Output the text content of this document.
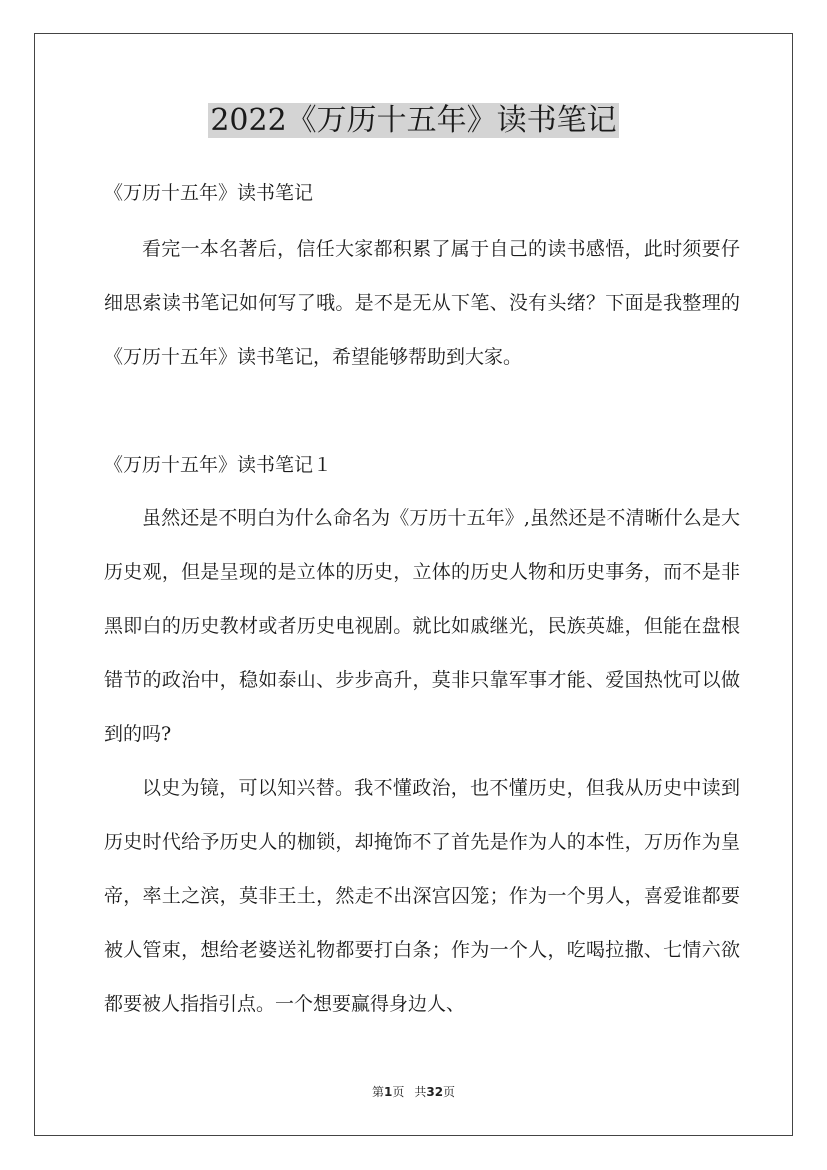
2022《万历十五年》读书笔记
《万历十五年》读书笔记

看完一本名著后，信任大家都积累了属于自己的读书感悟，此时须要仔细思索读书笔记如何写了哦。是不是无从下笔、没有头绪？下面是我整理的《万历十五年》读书笔记，希望能够帮助到大家。

《万历十五年》读书笔记１

虽然还是不明白为什么命名为《万历十五年》,虽然还是不清晰什么是大历史观，但是呈现的是立体的历史，立体的历史人物和历史事务，而不是非黑即白的历史教材或者历史电视剧。就比如戚继光，民族英雄，但能在盘根错节的政治中，稳如泰山、步步高升，莫非只靠军事才能、爱国热忱可以做到的吗?

以史为镜，可以知兴替。我不懂政治，也不懂历史，但我从历史中读到历史时代给予历史人的枷锁，却掩饰不了首先是作为人的本性，万历作为皇帝，率土之滨，莫非王土，然走不出深宫囚笼；作为一个男人，喜爱谁都要被人管束，想给老婆送礼物都要打白条；作为一个人，吃喝拉撒、七情六欲都要被人指指引点。一个想要赢得身边人、

第1页 共32页
